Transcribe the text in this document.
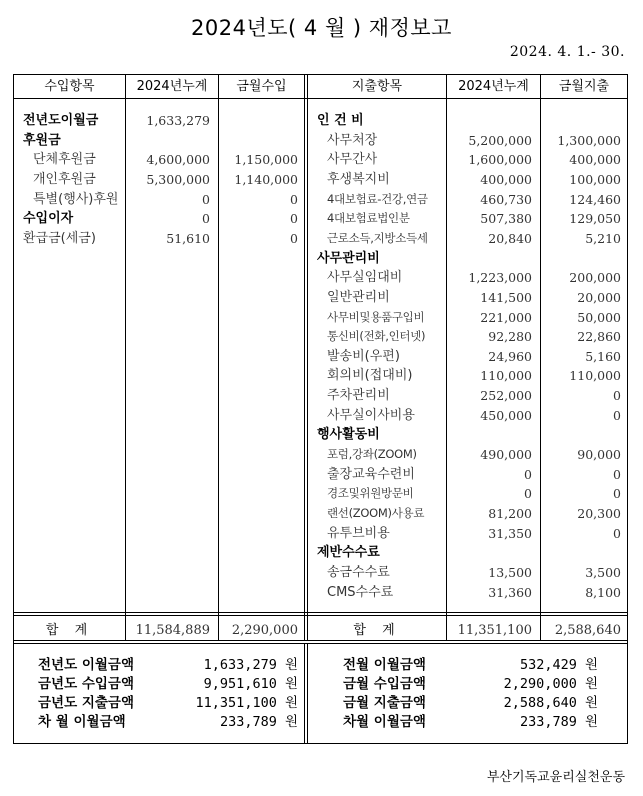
2024년도( 4 월 ) 재정보고
2024. 4. 1.- 30.
수입항목	2024년누계	금월수입	지출항목	2024년누계	금월지출
전년도이월금	1,633,279
후원금
단체후원금	4,600,000	1,150,000
개인후원금	5,300,000	1,140,000
특별(행사)후원	0	0
수입이자	0	0
환급금(세금)	51,610	0
인 건 비
사무처장	5,200,000	1,300,000
사무간사	1,600,000	400,000
후생복지비	400,000	100,000
4대보험료-건강,연금	460,730	124,460
4대보험료법인분	507,380	129,050
근로소득,지방소득세	20,840	5,210
사무관리비
사무실임대비	1,223,000	200,000
일반관리비	141,500	20,000
사무비및용품구입비	221,000	50,000
통신비(전화,인터넷)	92,280	22,860
발송비(우편)	24,960	5,160
회의비(접대비)	110,000	110,000
주차관리비	252,000	0
사무실이사비용	450,000	0
행사활동비
포럼,강좌(ZOOM)	490,000	90,000
출장교육수련비	0	0
경조및위원방문비	0	0
랜선(ZOOM)사용료	81,200	20,300
유투브비용	31,350	0
제반수수료
송금수수료	13,500	3,500
CMS수수료	31,360	8,100
합 계	11,584,889	2,290,000	합 계	11,351,100	2,588,640
전년도 이월금액	1,633,279 원
금년도 수입금액	9,951,610 원
금년도 지출금액	11,351,100 원
차 월 이월금액	233,789 원
전월 이월금액	532,429 원
금월 수입금액	2,290,000 원
금월 지출금액	2,588,640 원
차월 이월금액	233,789 원
부산기독교윤리실천운동
